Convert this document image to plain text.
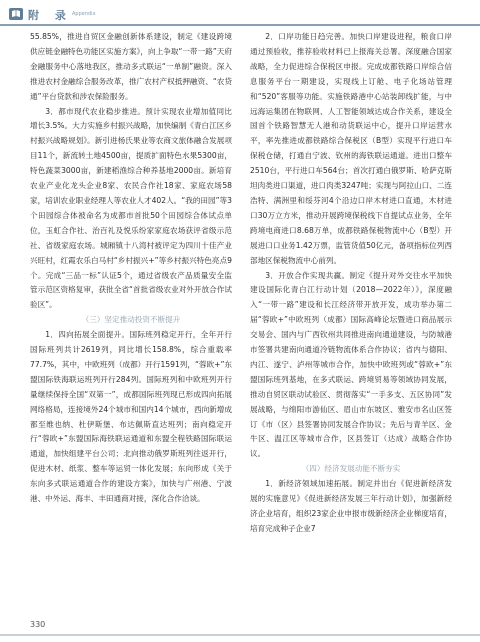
附 录 Appendix

55.85%，推进自贸区金融创新体系建设，制定《建设跨境供应链金融特色功能区实施方案》，向上争取“一带一路”天府金融服务中心落地我区，推动多式联运“一单制”融资。深入推进农村金融综合服务改革，推广农村产权抵押融资、“农贷通”平台贷款和涉农保险服务。

3．都市现代农业稳步推进。预计实现农业增加值同比增长3.5%。大力实施乡村振兴战略，加快编制《青白江区乡村振兴战略规划》。新引进杨氏果业等农商文旅体融合发展项目11个，新流转土地4500亩，提质扩面特色水果5300亩，特色蔬菜3000亩，新建稻渔综合种养基地2000亩。新培育农业产业化龙头企业8家、农民合作社18家、家庭农场58家，培训农业职业经理人等农业人才402人。“我的田园”等3个田园综合体被命名为成都市首批50个田园综合体试点单位，玉虹合作社、治百礼及悦乐纷家家庭农场获评省级示范社、省级家庭农场。城厢镇十八湾村被评定为四川十佳产业兴旺村，红霞农乐白马村“乡村振兴+”等乡村振兴特色亮点9个。完成“三品一标”认证5个，通过省级农产品质量安全监管示范区资格复审，获批全省“首批省级农业对外开放合作试验区”。

（三）坚定推动投资不断提升

1．四向拓展全面提升。国际班列稳定开行，全年开行国际班列共计2619列，同比增长158.8%，综合重载率77.7%，其中，中欧班列（成都）开行1591列，“蓉欧+”东盟国际铁海联运班列开行284列。国际班列和中欧班列开行量继续保持全国“双第一”，成都国际班列现已形成四向拓展网络格局，连接境外24个城市和国内14个城市，西向新增成都至维也纳、杜伊斯堡、布达佩斯直达班列；南向稳定开行“蓉欧+”东盟国际海铁联运通道和东盟全程铁路国际联运通道，加快组建平台公司；北向推动俄罗斯班列往返开行，促进木材、纸浆、整车等运贸一体化发展；东向形成《关于东向多式联运通道合作的建设方案》，加快与广州港、宁波港、中外运、海丰、丰田通商对接，深化合作洽谈。

2．口岸功能日趋完善。加快口岸建设进程，粮食口岸通过预验收，推荐验收材料已上报海关总署。深度融合国家战略，全力促进综合保税区申报。完成成都铁路口岸综合信息服务平台一期建设，实现线上订舱、电子化场站管理和“520”客服等功能。实施铁路港中心站装卸线扩能，与中远海运集团在物联网、人工智能领域达成合作关系，建设全国首个铁路智慧无人港和动货联运中心，提升口岸运营水平，率先推进成都铁路综合保税区（B型）实现平行进口车保税仓储，打通自宁波、钦州的海铁联运通道。进出口整车2510台，平行进口车564台；首次打通白俄罗斯、哈萨克斯坦肉类进口渠道，进口肉类3247吨；实现与阿拉山口、二连浩特、满洲里和绥芬河4个沿边口岸木材进口直通，木材进口30万立方米，推动开展跨境保税线下自提试点业务，全年跨境电商进口8.68万单，成都铁路保税物流中心（B型）开展进口口业务1.42万票，监管货值50亿元，备项指标位列西部地区保税物流中心前列。

3．开放合作实现共赢。制定《提升对外交往水平加快建设国际化青白江行动计划（2018—2022年）》，深度融入“一带一路”建设和长江经济带开放开发，成功举办第二届“蓉欧+”中欧班列（成都）国际高峰论坛暨进口商品展示交易会、国内与广西钦州共同推进南向通道建设，与防城港市签署共建南向通道冷链物流体系合作协议；省内与德阳、内江、遂宁、泸州等城市合作，加快中欧班列或“蓉欧+”东盟国际班列基地，在多式联运、跨境贸易等领域协同发展，推动自贸区联动试验区、贯彻落实“一手多支、五区协同”发展战略，与绵阳市游仙区、眉山市东坡区、雅安市名山区签订《市（区）县签署协同发展合作协议；先后与青羊区、金牛区、温江区等城市合作，区县签订（达成）战略合作协议。

（四）经济发展动能不断夯实

1．新经济领域加速拓展。制定并出台《促进新经济发展的实施意见》《促进新经济发展三年行动计划》，加强新经济企业培育，组织23家企业申报市级新经济企业梯度培育，培育完成种子企业7

330
